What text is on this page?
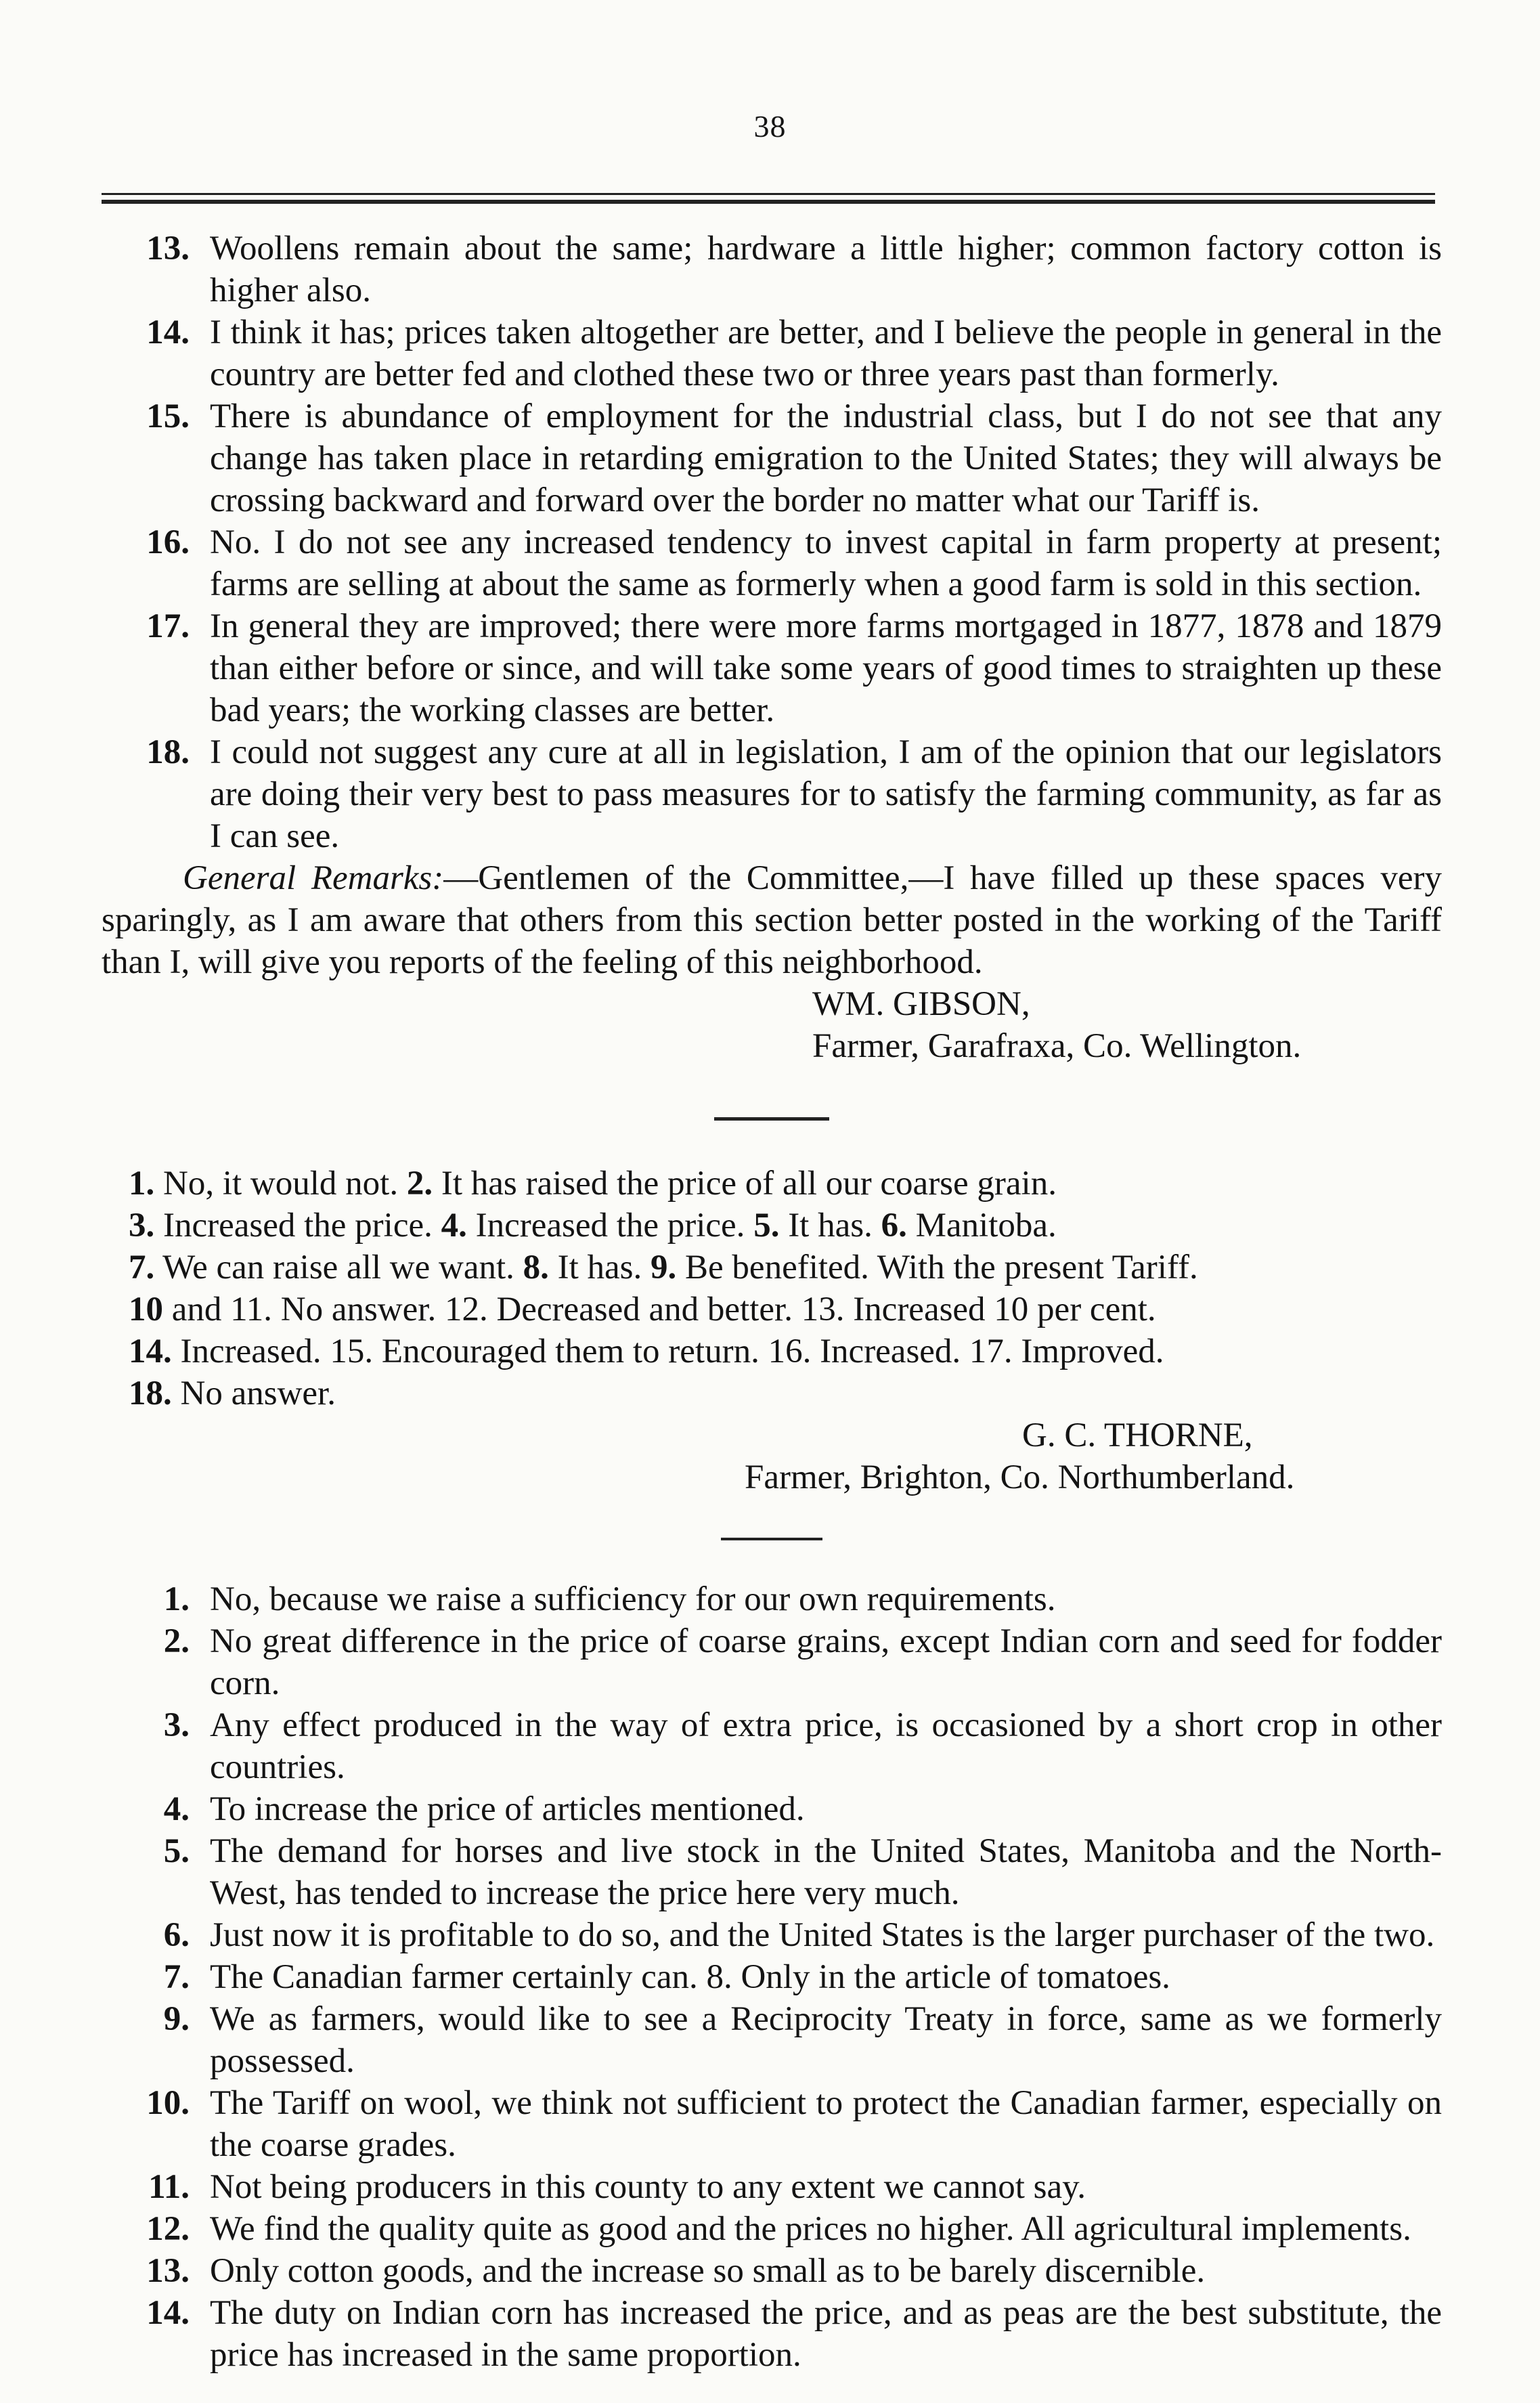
38
13. Woollens remain about the same; hardware a little higher; common factory cotton is higher also.
14. I think it has; prices taken altogether are better, and I believe the people in general in the country are better fed and clothed these two or three years past than formerly.
15. There is abundance of employment for the industrial class, but I do not see that any change has taken place in retarding emigration to the United States; they will always be crossing backward and forward over the border no matter what our Tariff is.
16. No. I do not see any increased tendency to invest capital in farm property at present; farms are selling at about the same as formerly when a good farm is sold in this section.
17. In general they are improved; there were more farms mortgaged in 1877, 1878 and 1879 than either before or since, and will take some years of good times to straighten up these bad years; the working classes are better.
18. I could not suggest any cure at all in legislation, I am of the opinion that our legislators are doing their very best to pass measures for to satisfy the farming community, as far as I can see.
General Remarks:—Gentlemen of the Committee,—I have filled up these spaces very sparingly, as I am aware that others from this section better posted in the working of the Tariff than I, will give you reports of the feeling of this neighborhood.
WM. GIBSON,
Farmer, Garafraxa, Co. Wellington.
1. No, it would not. 2. It has raised the price of all our coarse grain.
3. Increased the price. 4. Increased the price. 5. It has. 6. Manitoba.
7. We can raise all we want. 8. It has. 9. Be benefited. With the present Tariff.
10 and 11. No answer. 12. Decreased and better. 13. Increased 10 per cent.
14. Increased. 15. Encouraged them to return. 16. Increased. 17. Improved.
18. No answer.
G. C. THORNE,
Farmer, Brighton, Co. Northumberland.
1. No, because we raise a sufficiency for our own requirements.
2. No great difference in the price of coarse grains, except Indian corn and seed for fodder corn.
3. Any effect produced in the way of extra price, is occasioned by a short crop in other countries.
4. To increase the price of articles mentioned.
5. The demand for horses and live stock in the United States, Manitoba and the North-West, has tended to increase the price here very much.
6. Just now it is profitable to do so, and the United States is the larger purchaser of the two.
7. The Canadian farmer certainly can. 8. Only in the article of tomatoes.
9. We as farmers, would like to see a Reciprocity Treaty in force, same as we formerly possessed.
10. The Tariff on wool, we think not sufficient to protect the Canadian farmer, especially on the coarse grades.
11. Not being producers in this county to any extent we cannot say.
12. We find the quality quite as good and the prices no higher. All agricultural implements.
13. Only cotton goods, and the increase so small as to be barely discernible.
14. The duty on Indian corn has increased the price, and as peas are the best substitute, the price has increased in the same proportion.
